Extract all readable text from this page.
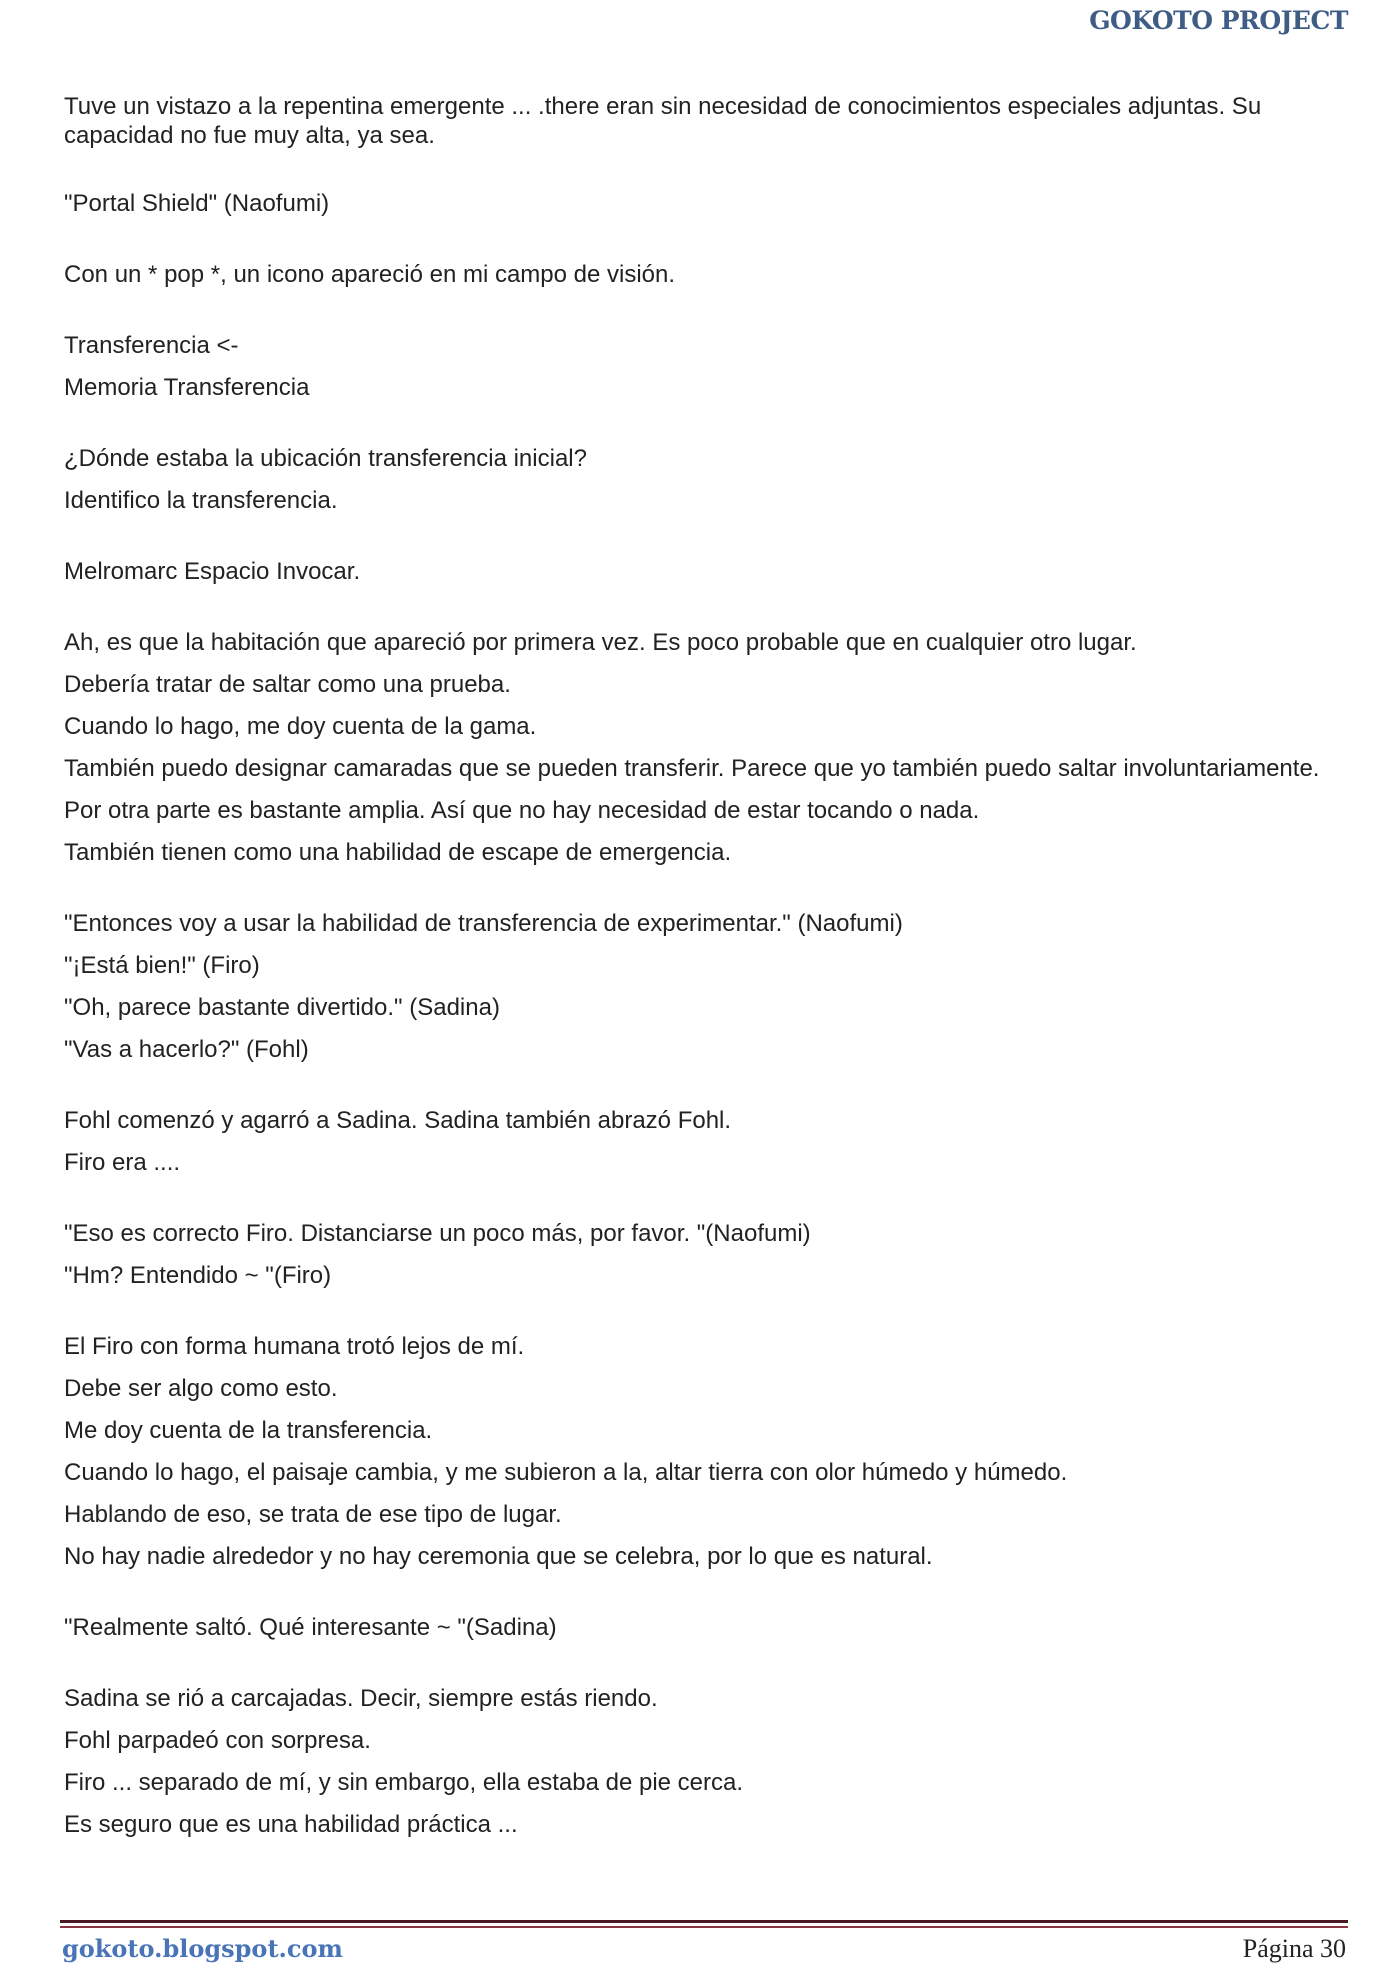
GOKOTO PROJECT

Tuve un vistazo a la repentina emergente ... .there eran sin necesidad de conocimientos especiales adjuntas. Su capacidad no fue muy alta, ya sea.

"Portal Shield" (Naofumi)

Con un * pop *, un icono apareció en mi campo de visión.

Transferencia <-

Memoria Transferencia

¿Dónde estaba la ubicación transferencia inicial?

Identifico la transferencia.

Melromarc Espacio Invocar.

Ah, es que la habitación que apareció por primera vez. Es poco probable que en cualquier otro lugar.

Debería tratar de saltar como una prueba.

Cuando lo hago, me doy cuenta de la gama.

También puedo designar camaradas que se pueden transferir. Parece que yo también puedo saltar involuntariamente.

Por otra parte es bastante amplia. Así que no hay necesidad de estar tocando o nada.

También tienen como una habilidad de escape de emergencia.

"Entonces voy a usar la habilidad de transferencia de experimentar." (Naofumi)

"¡Está bien!" (Firo)

"Oh, parece bastante divertido." (Sadina)

"Vas a hacerlo?" (Fohl)

Fohl comenzó y agarró a Sadina. Sadina también abrazó Fohl.

Firo era ....

"Eso es correcto Firo. Distanciarse un poco más, por favor. "(Naofumi)

"Hm? Entendido ~ "(Firo)

El Firo con forma humana trotó lejos de mí.

Debe ser algo como esto.

Me doy cuenta de la transferencia.

Cuando lo hago, el paisaje cambia, y me subieron a la, altar tierra con olor húmedo y húmedo.

Hablando de eso, se trata de ese tipo de lugar.

No hay nadie alrededor y no hay ceremonia que se celebra, por lo que es natural.

"Realmente saltó. Qué interesante ~ "(Sadina)

Sadina se rió a carcajadas. Decir, siempre estás riendo.

Fohl parpadeó con sorpresa.

Firo ... separado de mí, y sin embargo, ella estaba de pie cerca.

Es seguro que es una habilidad práctica ...

gokoto.blogspot.com	Página 30
